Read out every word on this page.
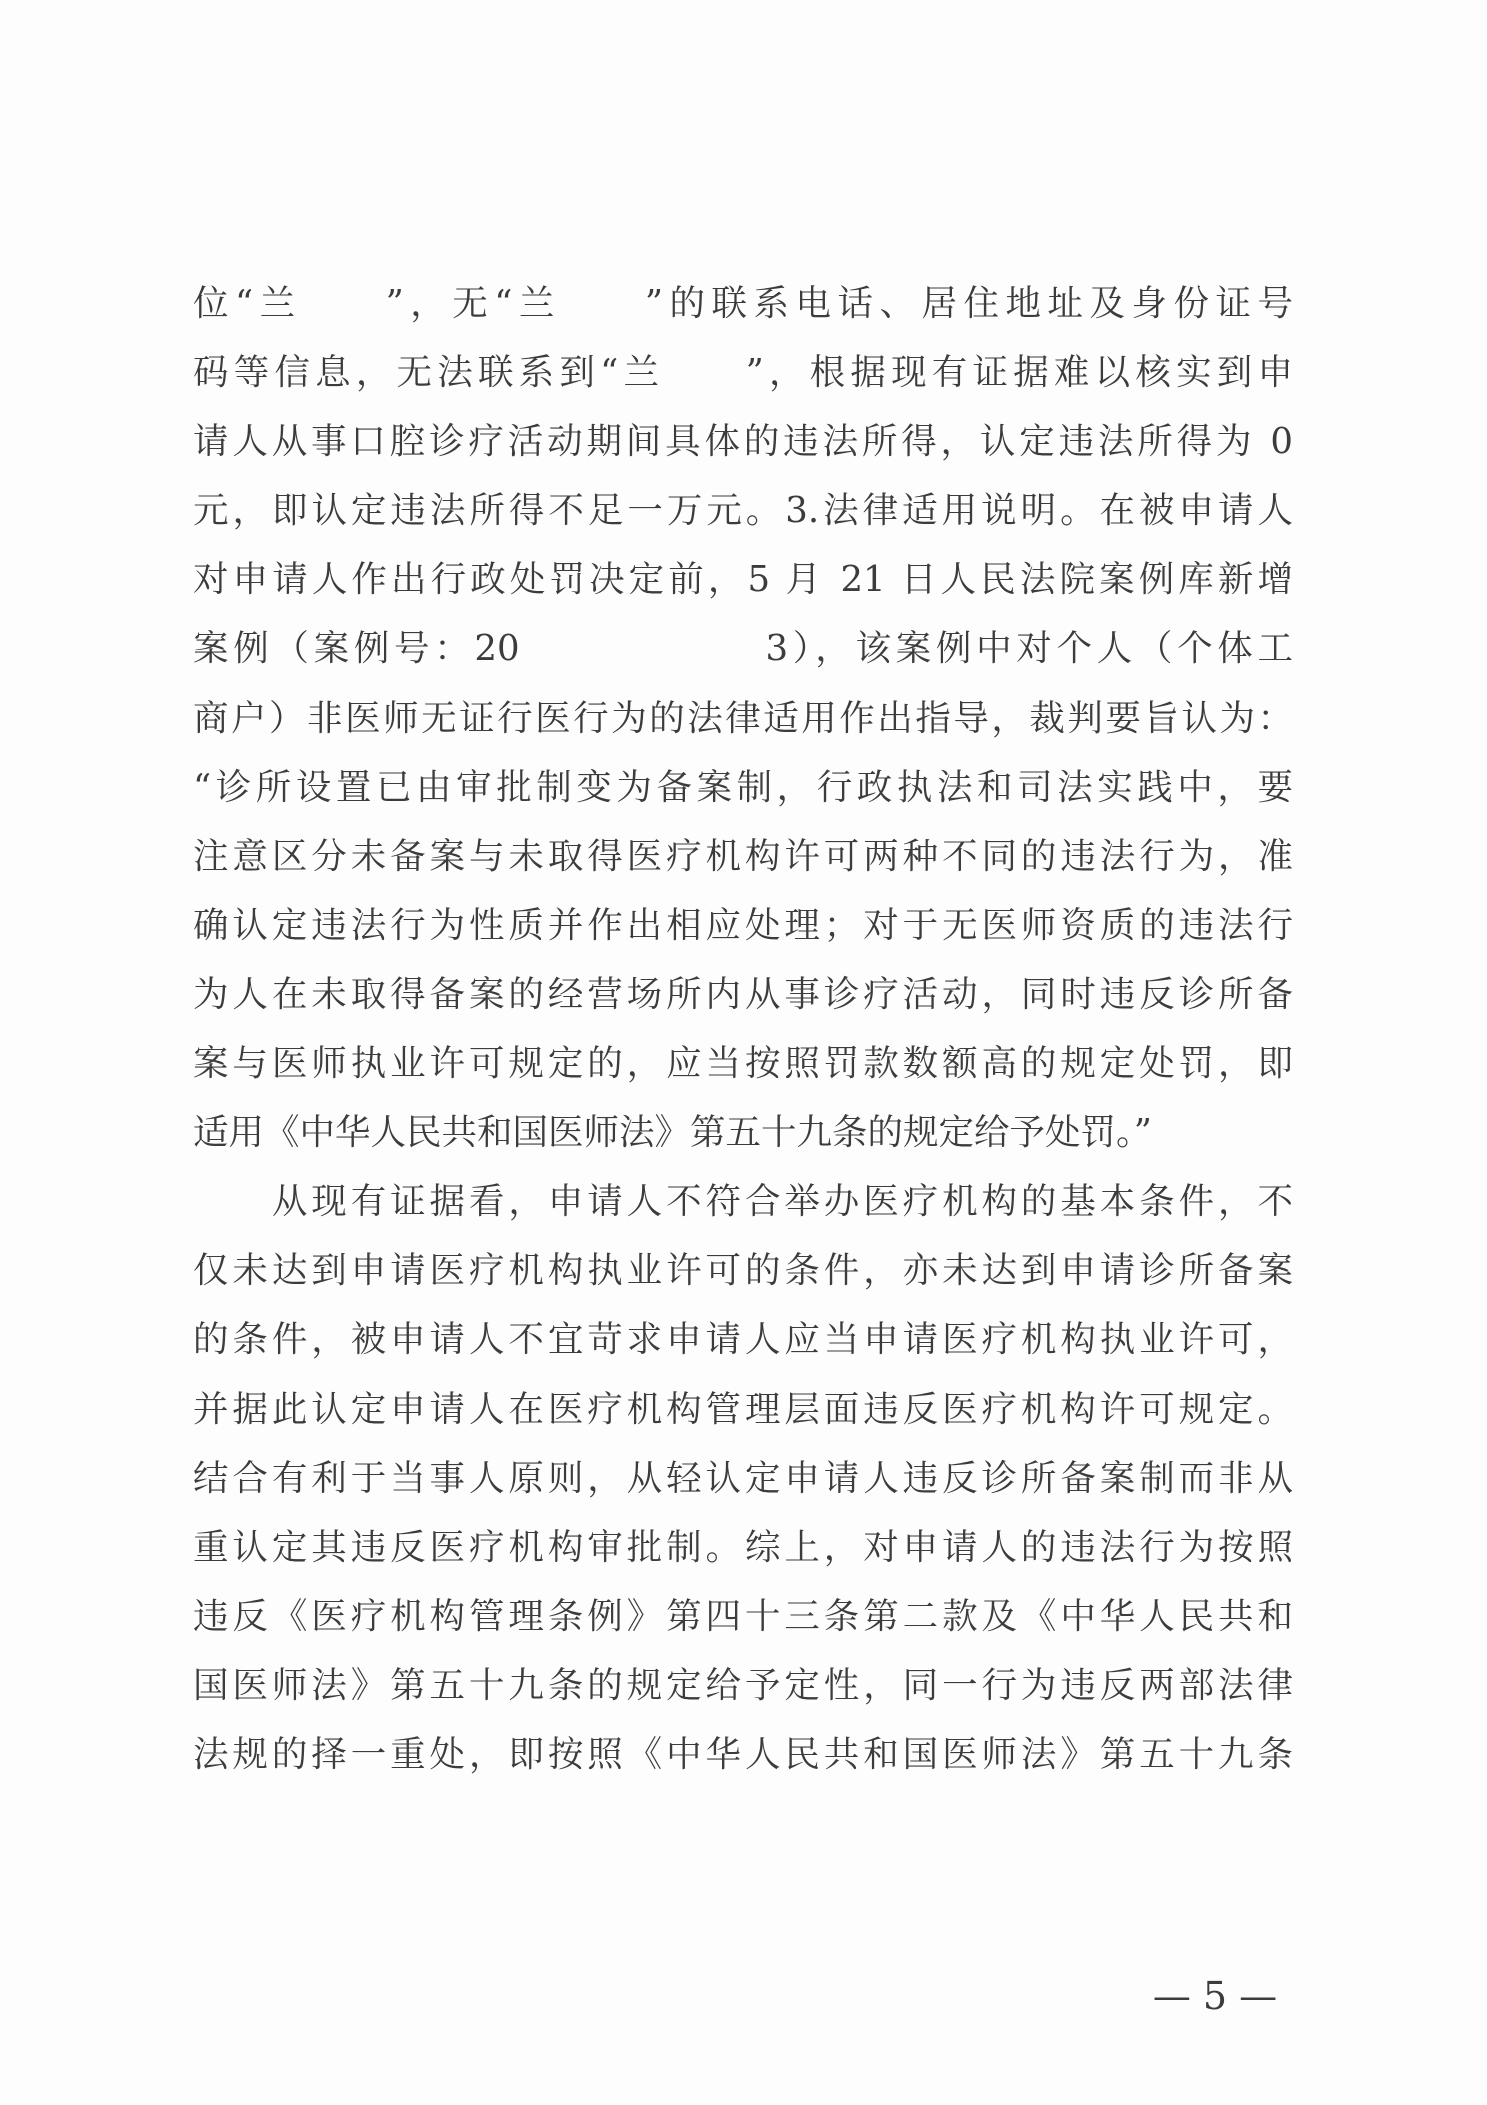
位“兰　　”，无“兰　　”的联系电话、居住地址及身份证号
码等信息，无法联系到“兰　　”，根据现有证据难以核实到申
请人从事口腔诊疗活动期间具体的违法所得，认定违法所得为 0
元，即认定违法所得不足一万元。3.法律适用说明。在被申请人
对申请人作出行政处罚决定前，5 月 21 日人民法院案例库新增
案例（案例号：20　　　　　　3），该案例中对个人（个体工
商户）非医师无证行医行为的法律适用作出指导，裁判要旨认为：
“诊所设置已由审批制变为备案制，行政执法和司法实践中，要
注意区分未备案与未取得医疗机构许可两种不同的违法行为，准
确认定违法行为性质并作出相应处理；对于无医师资质的违法行
为人在未取得备案的经营场所内从事诊疗活动，同时违反诊所备
案与医师执业许可规定的，应当按照罚款数额高的规定处罚，即
适用《中华人民共和国医师法》第五十九条的规定给予处罚。”
　　从现有证据看，申请人不符合举办医疗机构的基本条件，不
仅未达到申请医疗机构执业许可的条件，亦未达到申请诊所备案
的条件，被申请人不宜苛求申请人应当申请医疗机构执业许可，
并据此认定申请人在医疗机构管理层面违反医疗机构许可规定。
结合有利于当事人原则，从轻认定申请人违反诊所备案制而非从
重认定其违反医疗机构审批制。综上，对申请人的违法行为按照
违反《医疗机构管理条例》第四十三条第二款及《中华人民共和
国医师法》第五十九条的规定给予定性，同一行为违反两部法律
法规的择一重处，即按照《中华人民共和国医师法》第五十九条
— 5 —
